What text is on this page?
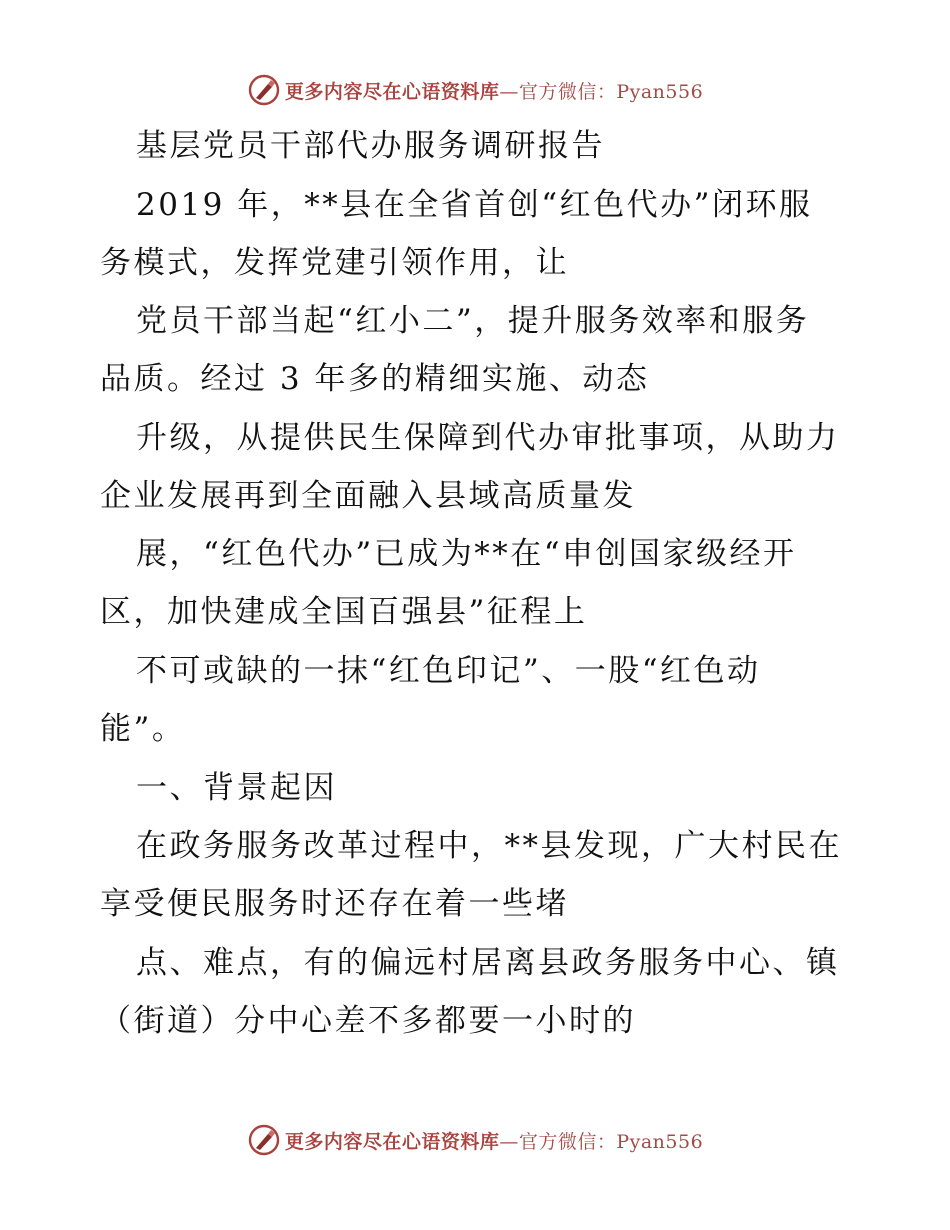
更多内容尽在心语资料库—官方微信：Pyan556
基层党员干部代办服务调研报告
2019 年，**县在全省首创“红色代办”闭环服
务模式，发挥党建引领作用，让
党员干部当起“红小二”，提升服务效率和服务
品质。经过 3 年多的精细实施、动态
升级，从提供民生保障到代办审批事项，从助力
企业发展再到全面融入县域高质量发
展，“红色代办”已成为**在“申创国家级经开
区，加快建成全国百强县”征程上
不可或缺的一抹“红色印记”、一股“红色动
能”。
一、背景起因
在政务服务改革过程中，**县发现，广大村民在
享受便民服务时还存在着一些堵
点、难点，有的偏远村居离县政务服务中心、镇
（街道）分中心差不多都要一小时的
更多内容尽在心语资料库—官方微信：Pyan556
